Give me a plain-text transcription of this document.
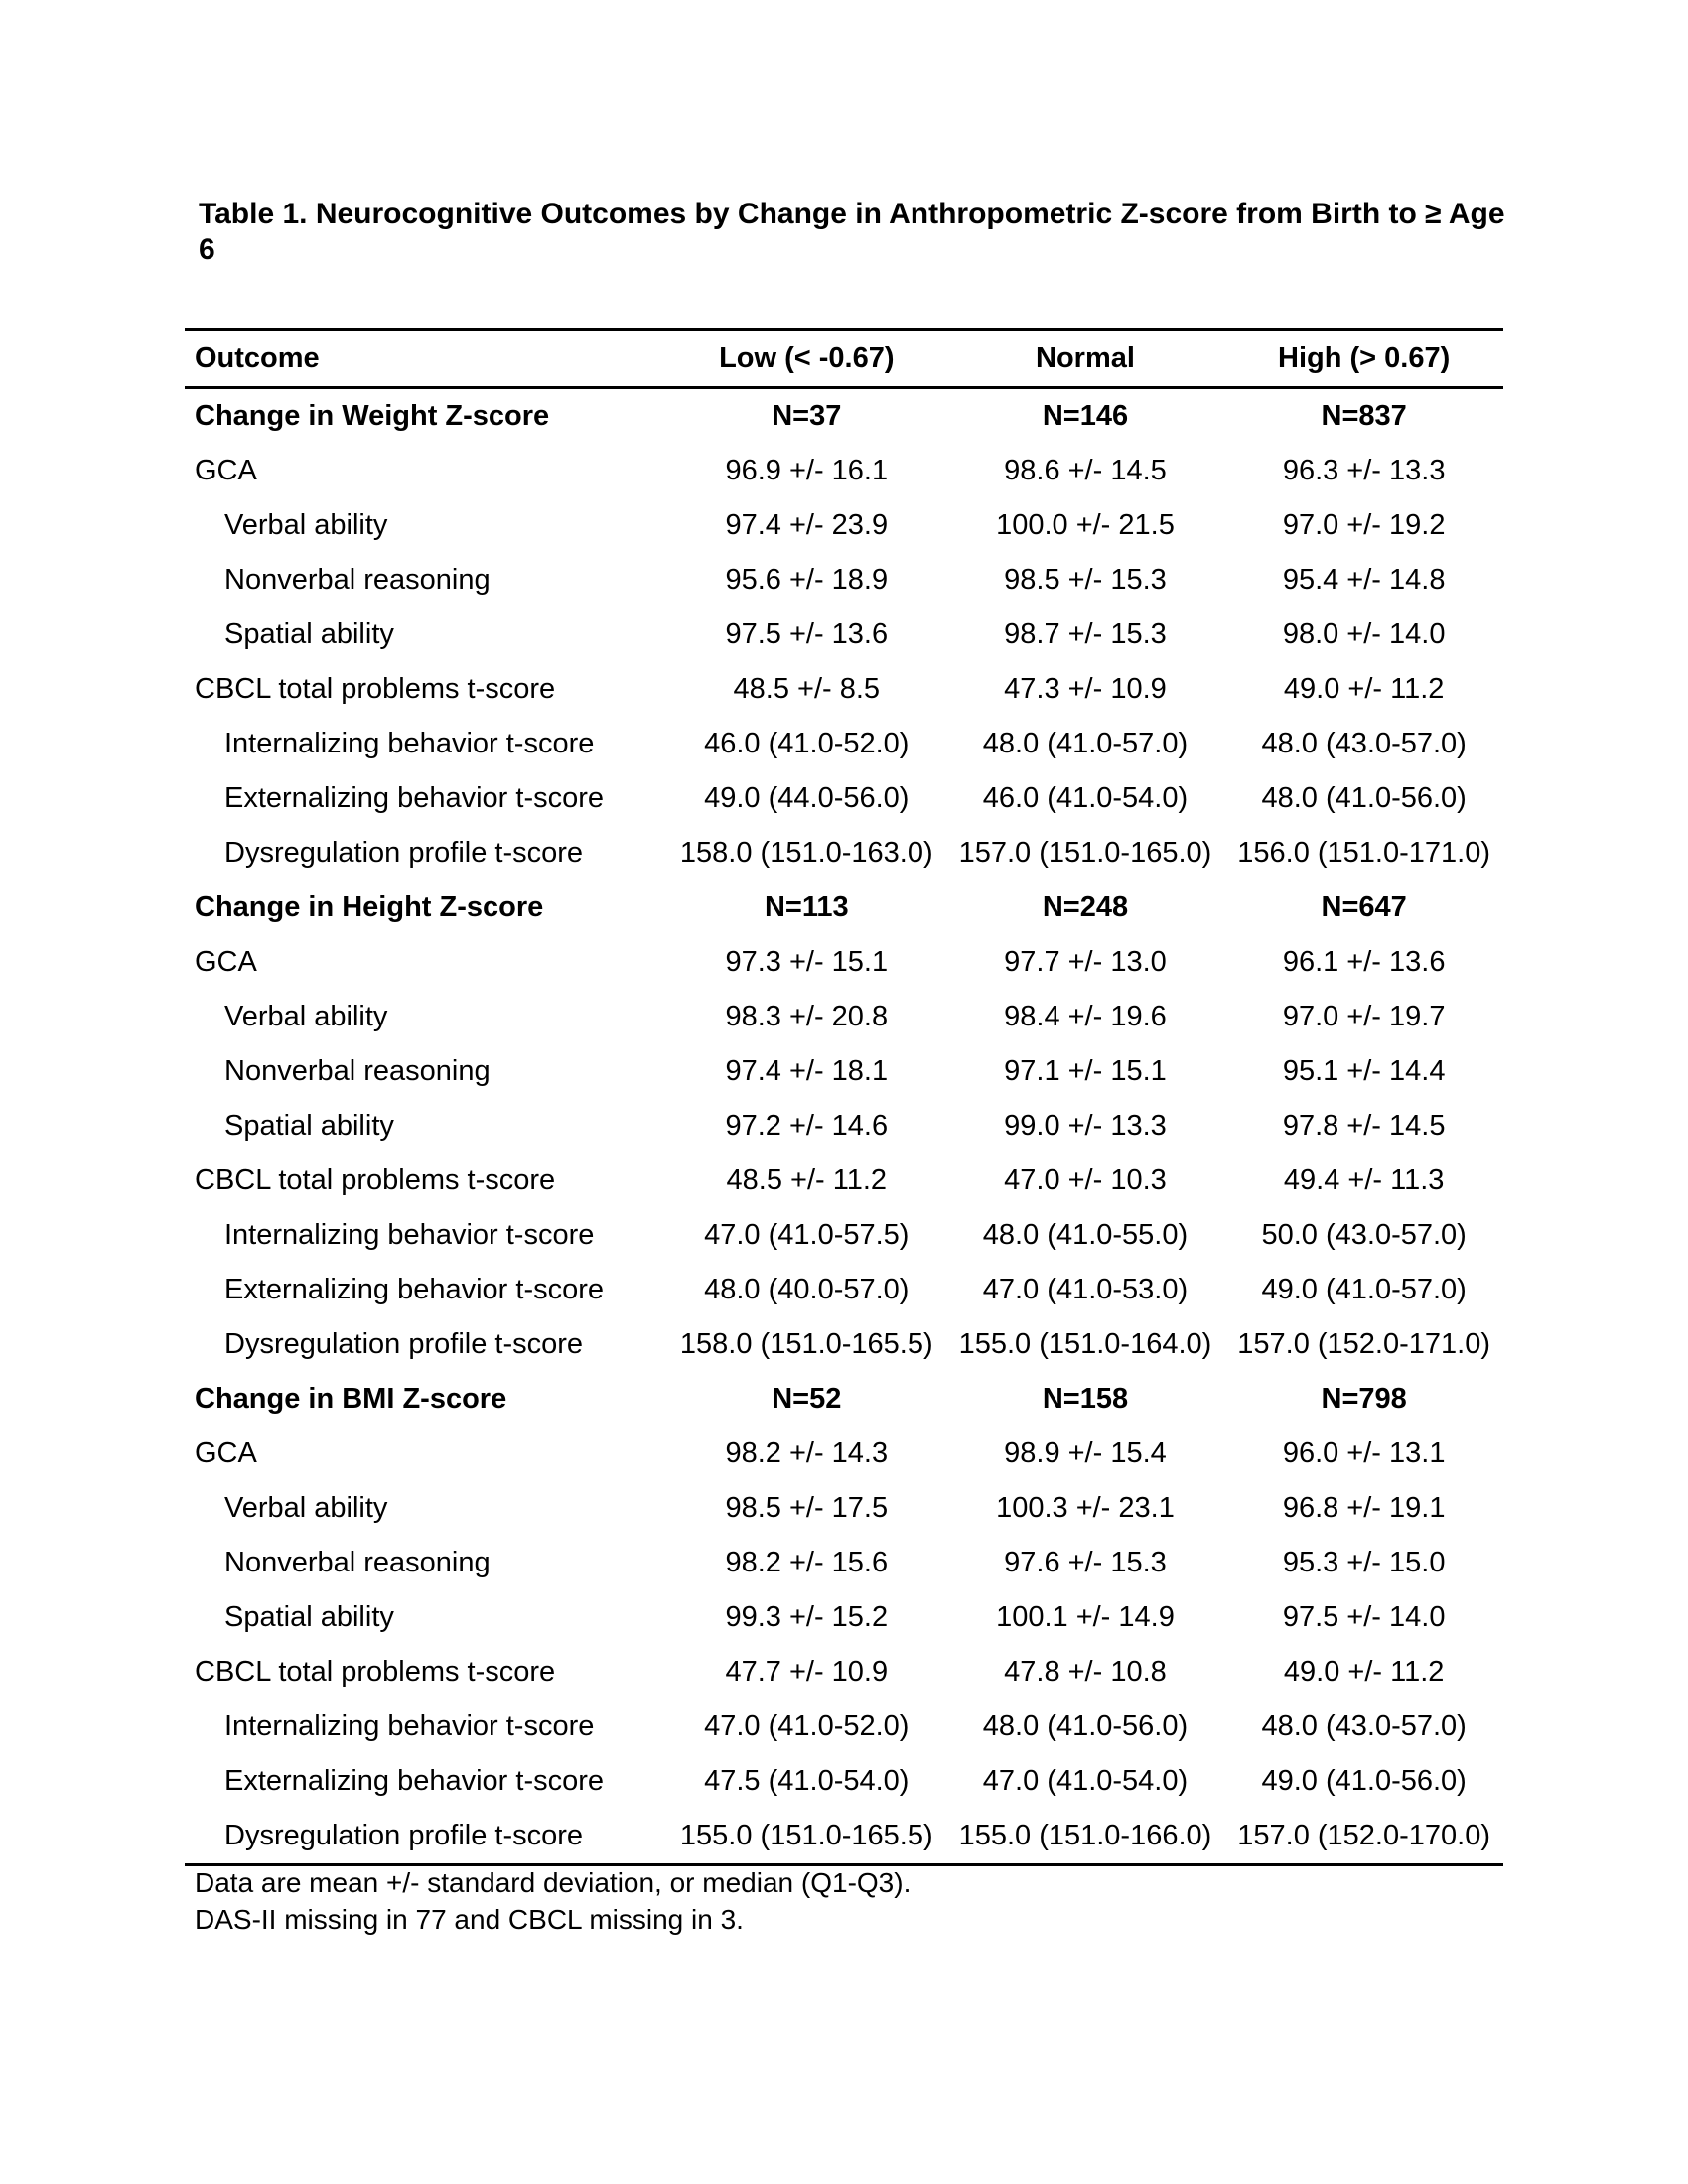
Table 1. Neurocognitive Outcomes by Change in Anthropometric Z-score from Birth to ≥ Age 6
Outcome	Low (< -0.67)	Normal	High (> 0.67)
Change in Weight Z-score	N=37	N=146	N=837
GCA	96.9 +/- 16.1	98.6 +/- 14.5	96.3 +/- 13.3
Verbal ability	97.4 +/- 23.9	100.0 +/- 21.5	97.0 +/- 19.2
Nonverbal reasoning	95.6 +/- 18.9	98.5 +/- 15.3	95.4 +/- 14.8
Spatial ability	97.5 +/- 13.6	98.7 +/- 15.3	98.0 +/- 14.0
CBCL total problems t-score	48.5 +/- 8.5	47.3 +/- 10.9	49.0 +/- 11.2
Internalizing behavior t-score	46.0 (41.0-52.0)	48.0 (41.0-57.0)	48.0 (43.0-57.0)
Externalizing behavior t-score	49.0 (44.0-56.0)	46.0 (41.0-54.0)	48.0 (41.0-56.0)
Dysregulation profile t-score	158.0 (151.0-163.0)	157.0 (151.0-165.0)	156.0 (151.0-171.0)
Change in Height Z-score	N=113	N=248	N=647
GCA	97.3 +/- 15.1	97.7 +/- 13.0	96.1 +/- 13.6
Verbal ability	98.3 +/- 20.8	98.4 +/- 19.6	97.0 +/- 19.7
Nonverbal reasoning	97.4 +/- 18.1	97.1 +/- 15.1	95.1 +/- 14.4
Spatial ability	97.2 +/- 14.6	99.0 +/- 13.3	97.8 +/- 14.5
CBCL total problems t-score	48.5 +/- 11.2	47.0 +/- 10.3	49.4 +/- 11.3
Internalizing behavior t-score	47.0 (41.0-57.5)	48.0 (41.0-55.0)	50.0 (43.0-57.0)
Externalizing behavior t-score	48.0 (40.0-57.0)	47.0 (41.0-53.0)	49.0 (41.0-57.0)
Dysregulation profile t-score	158.0 (151.0-165.5)	155.0 (151.0-164.0)	157.0 (152.0-171.0)
Change in BMI Z-score	N=52	N=158	N=798
GCA	98.2 +/- 14.3	98.9 +/- 15.4	96.0 +/- 13.1
Verbal ability	98.5 +/- 17.5	100.3 +/- 23.1	96.8 +/- 19.1
Nonverbal reasoning	98.2 +/- 15.6	97.6 +/- 15.3	95.3 +/- 15.0
Spatial ability	99.3 +/- 15.2	100.1 +/- 14.9	97.5 +/- 14.0
CBCL total problems t-score	47.7 +/- 10.9	47.8 +/- 10.8	49.0 +/- 11.2
Internalizing behavior t-score	47.0 (41.0-52.0)	48.0 (41.0-56.0)	48.0 (43.0-57.0)
Externalizing behavior t-score	47.5 (41.0-54.0)	47.0 (41.0-54.0)	49.0 (41.0-56.0)
Dysregulation profile t-score	155.0 (151.0-165.5)	155.0 (151.0-166.0)	157.0 (152.0-170.0)
Data are mean +/- standard deviation, or median (Q1-Q3).
DAS-II missing in 77 and CBCL missing in 3.
